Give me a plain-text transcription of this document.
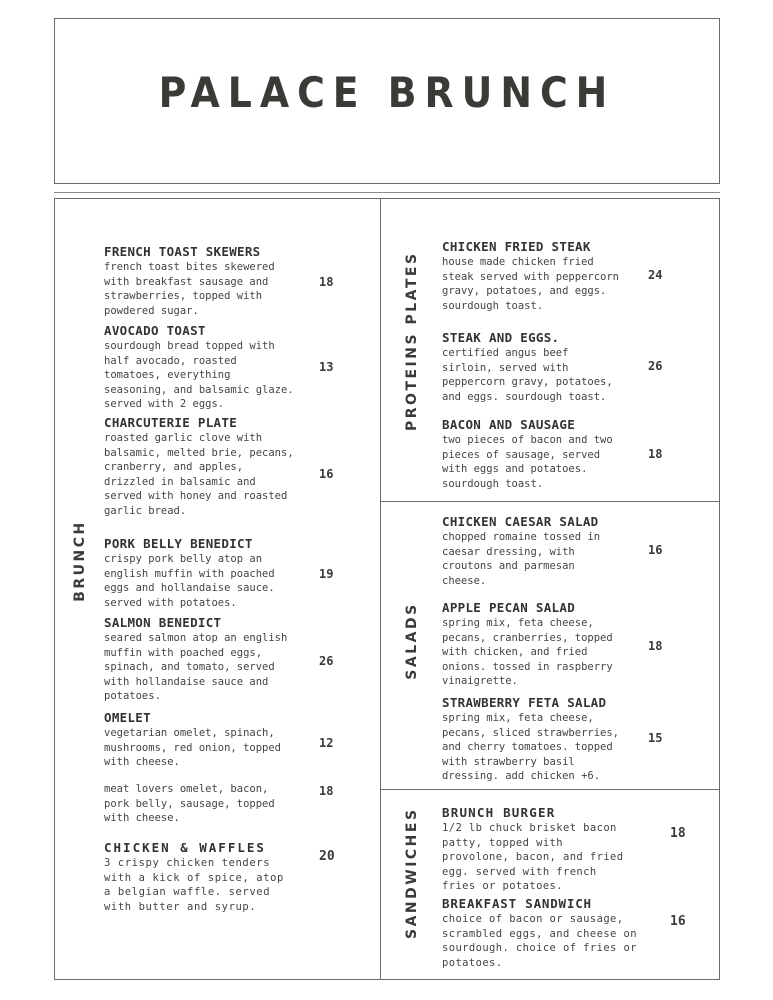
PALACE BRUNCH
BRUNCH
PROTEINS PLATES
SALADS
SANDWICHES
FRENCH TOAST SKEWERS
french toast bites skewered
with breakfast sausage and
strawberries, topped with
powdered sugar.
18
AVOCADO TOAST
sourdough bread topped with
half avocado, roasted
tomatoes, everything
seasoning, and balsamic glaze.
served with 2 eggs.
13
CHARCUTERIE PLATE
roasted garlic clove with
balsamic, melted brie, pecans,
cranberry, and apples,
drizzled in balsamic and
served with honey and roasted
garlic bread.
16
PORK BELLY BENEDICT
crispy pork belly atop an
english muffin with poached
eggs and hollandaise sauce.
served with potatoes.
19
SALMON BENEDICT
seared salmon atop an english
muffin with poached eggs,
spinach, and tomato, served
with hollandaise sauce and
potatoes.
26
OMELET
vegetarian omelet, spinach,
mushrooms, red onion, topped
with cheese.
12
meat lovers omelet, bacon,
pork belly, sausage, topped
with cheese.
18
CHICKEN & WAFFLES
3 crispy chicken tenders
with a kick of spice, atop
a belgian waffle. served
with butter and syrup.
20
CHICKEN FRIED STEAK
house made chicken fried
steak served with peppercorn
gravy, potatoes, and eggs.
sourdough toast.
24
STEAK AND EGGS.
certified angus beef
sirloin, served with
peppercorn gravy, potatoes,
and eggs. sourdough toast.
26
BACON AND SAUSAGE
two pieces of bacon and two
pieces of sausage, served
with eggs and potatoes.
sourdough toast.
18
CHICKEN CAESAR SALAD
chopped romaine tossed in
caesar dressing, with
croutons and parmesan
cheese.
16
APPLE PECAN SALAD
spring mix, feta cheese,
pecans, cranberries, topped
with chicken, and fried
onions. tossed in raspberry
vinaigrette.
18
STRAWBERRY FETA SALAD
spring mix, feta cheese,
pecans, sliced strawberries,
and cherry tomatoes. topped
with strawberry basil
dressing. add chicken +6.
15
BRUNCH BURGER
1/2 lb chuck brisket bacon
patty, topped with
provolone, bacon, and fried
egg. served with french
fries or potatoes.
18
BREAKFAST SANDWICH
choice of bacon or sausage,
scrambled eggs, and cheese on
sourdough. choice of fries or
potatoes.
16
